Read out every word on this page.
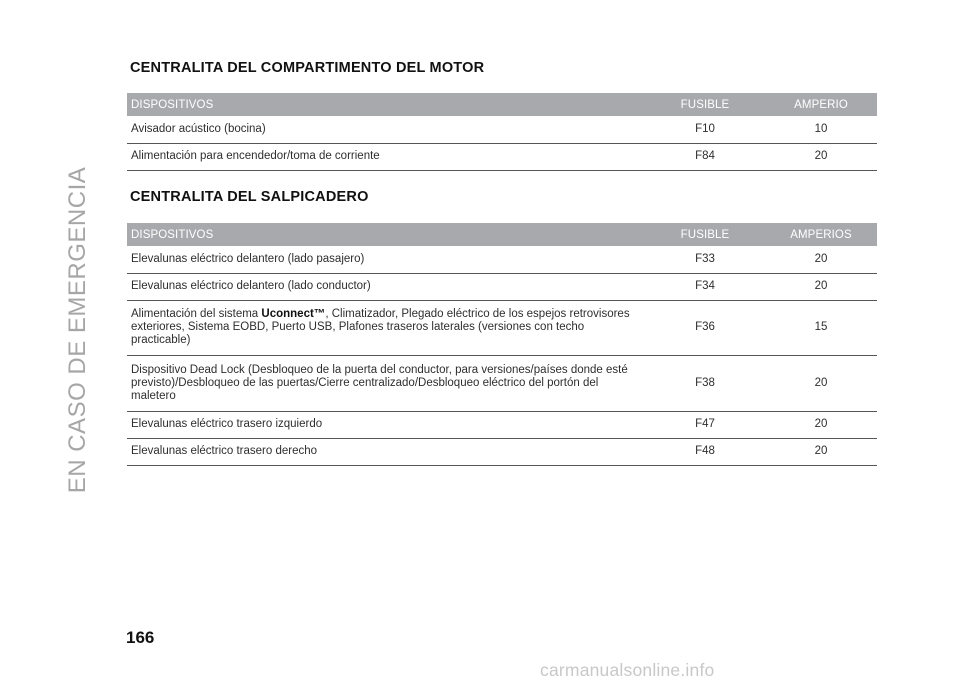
EN CASO DE EMERGENCIA
CENTRALITA DEL COMPARTIMENTO DEL MOTOR
DISPOSITIVOS	FUSIBLE	AMPERIO
Avisador acústico (bocina)	F10	10
Alimentación para encendedor/toma de corriente	F84	20
CENTRALITA DEL SALPICADERO
DISPOSITIVOS	FUSIBLE	AMPERIOS
Elevalunas eléctrico delantero (lado pasajero)	F33	20
Elevalunas eléctrico delantero (lado conductor)	F34	20
Alimentación del sistema Uconnect™, Climatizador, Plegado eléctrico de los espejos retrovisores exteriores, Sistema EOBD, Puerto USB, Plafones traseros laterales (versiones con techo practicable)	F36	15
Dispositivo Dead Lock (Desbloqueo de la puerta del conductor, para versiones/países donde esté previsto)/Desbloqueo de las puertas/Cierre centralizado/Desbloqueo eléctrico del portón del maletero	F38	20
Elevalunas eléctrico trasero izquierdo	F47	20
Elevalunas eléctrico trasero derecho	F48	20
166
carmanualsonline.info
